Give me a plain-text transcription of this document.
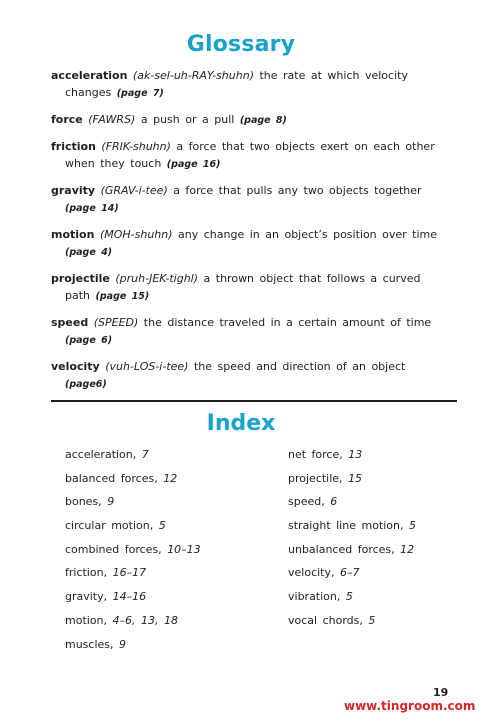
Glossary

acceleration (ak-sel-uh-RAY-shuhn) the rate at which velocity changes (page 7)

force (FAWRS) a push or a pull (page 8)

friction (FRIK-shuhn) a force that two objects exert on each other when they touch (page 16)

gravity (GRAV-i-tee) a force that pulls any two objects together (page 14)

motion (MOH-shuhn) any change in an object’s position over time (page 4)

projectile (pruh-JEK-tighl) a thrown object that follows a curved path (page 15)

speed (SPEED) the distance traveled in a certain amount of time (page 6)

velocity (vuh-LOS-i-tee) the speed and direction of an object (page6)

Index
acceleration, 7
balanced forces, 12
bones, 9
circular motion, 5
combined forces, 10–13
friction, 16–17
gravity, 14–16
motion, 4–6, 13, 18
muscles, 9
net force, 13
projectile, 15
speed, 6
straight line motion, 5
unbalanced forces, 12
velocity, 6–7
vibration, 5
vocal chords, 5
19
www.tingroom.com
